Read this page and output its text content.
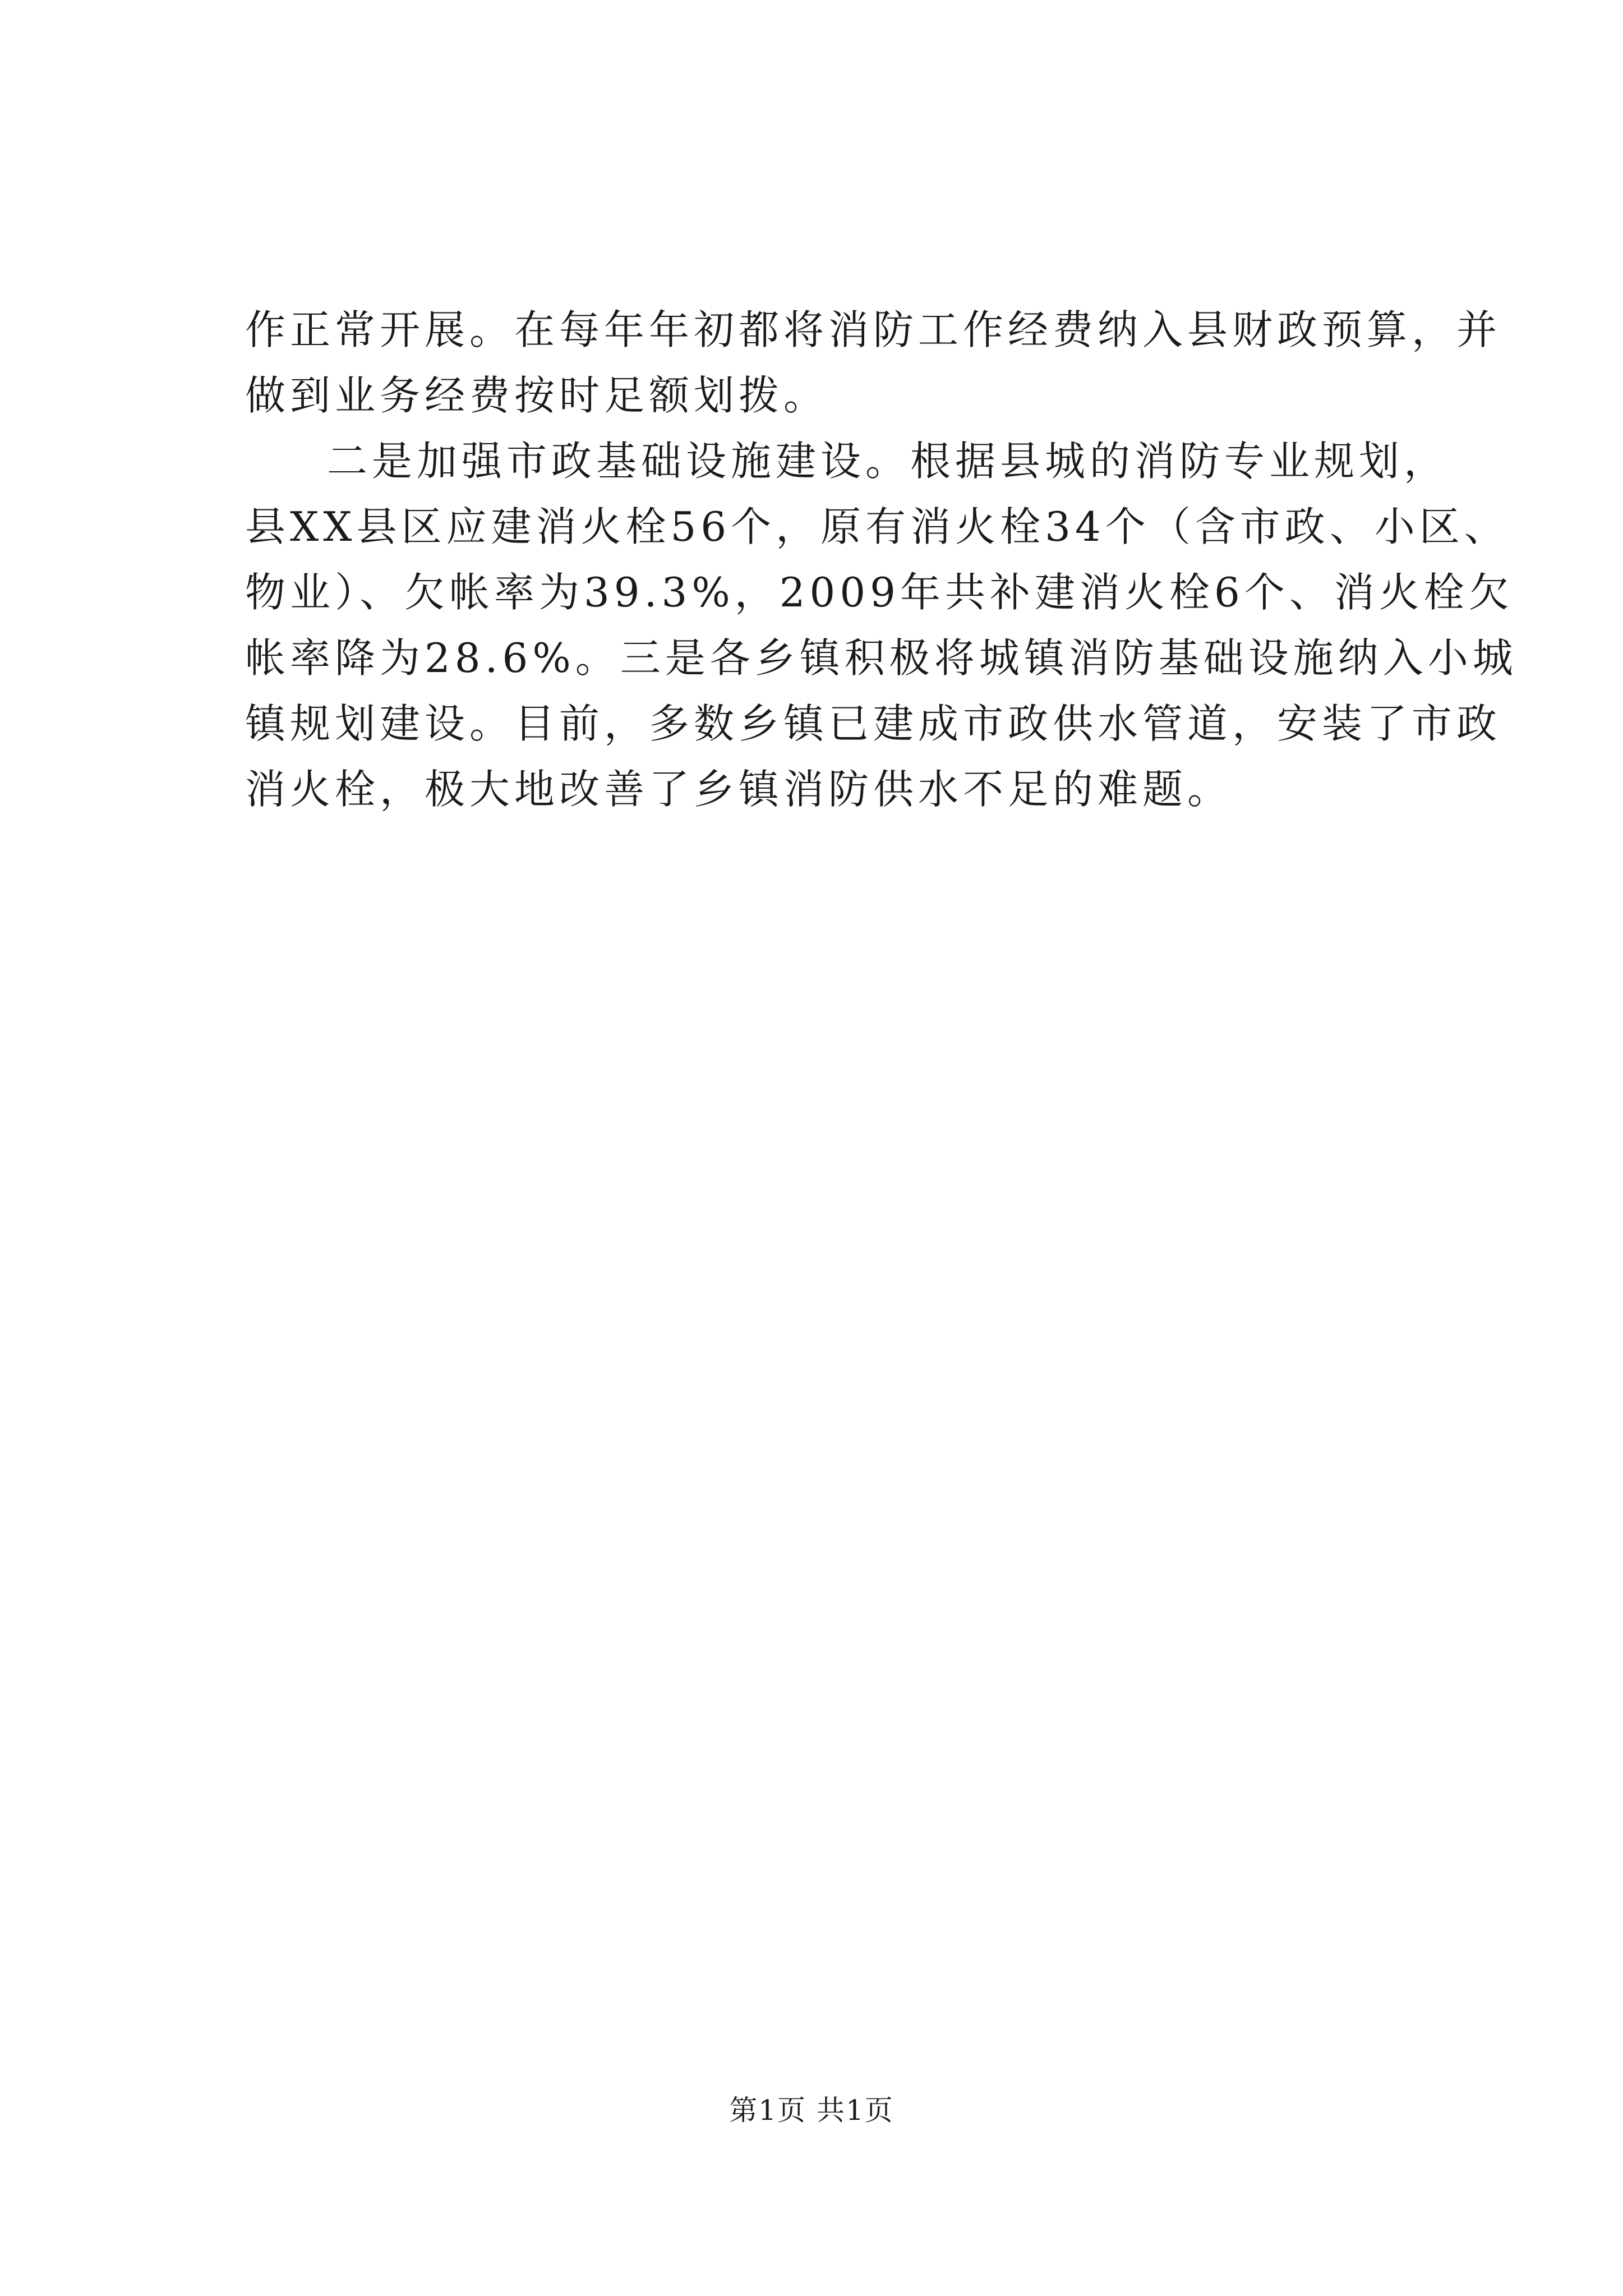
作正常开展。在每年年初都将消防工作经费纳入县财政预算，并
做到业务经费按时足额划拨。
二是加强市政基础设施建设。根据县城的消防专业规划，
县XX县区应建消火栓56个，原有消火栓34个（含市政、小区、
物业）、欠帐率为39.3%，2009年共补建消火栓6个、消火栓欠
帐率降为28.6%。三是各乡镇积极将城镇消防基础设施纳入小城
镇规划建设。目前，多数乡镇已建成市政供水管道，安装了市政
消火栓，极大地改善了乡镇消防供水不足的难题。
第1页 共1页
